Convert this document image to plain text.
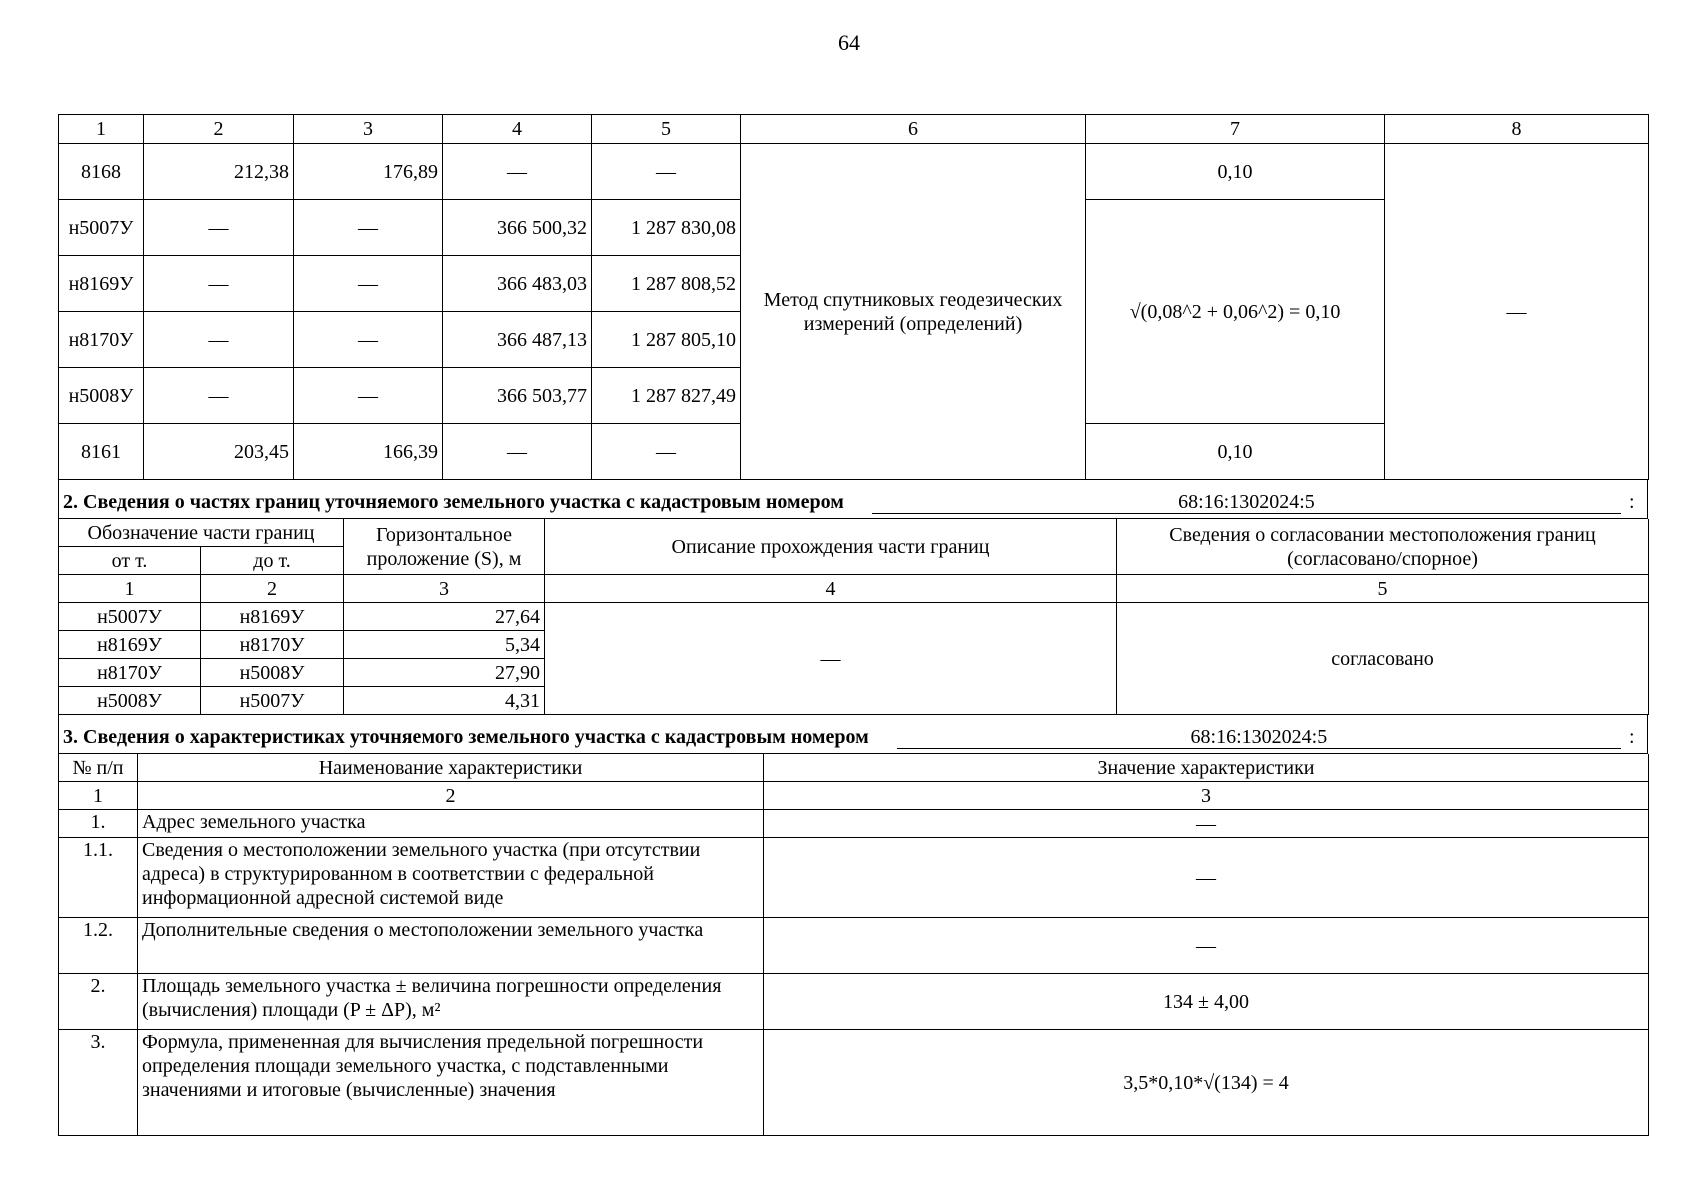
64
1	2	3	4	5	6	7	8
8168	212,38	176,89	—	—	Метод спутниковых геодезических измерений (определений)	0,10	—
н5007У	—	—	366 500,32	1 287 830,08		√(0,08^2 + 0,06^2) = 0,10	
н8169У	—	—	366 483,03	1 287 808,52			
н8170У	—	—	366 487,13	1 287 805,10			
н5008У	—	—	366 503,77	1 287 827,49			
8161	203,45	166,39	—	—		0,10	
2. Сведения о частях границ уточняемого земельного участка с кадастровым номером	68:16:1302024:5	:
Обозначение части границ		Горизонтальное проложение (S), м	Описание прохождения части границ	Сведения о согласовании местоположения границ (согласовано/спорное)
от т.	до т.			
1	2	3	4	5
н5007У	н8169У	27,64	—	согласовано
н8169У	н8170У	5,34		
н8170У	н5008У	27,90		
н5008У	н5007У	4,31		
3. Сведения о характеристиках уточняемого земельного участка с кадастровым номером	68:16:1302024:5	:
№ п/п	Наименование характеристики	Значение характеристики
1	2	3
1.	Адрес земельного участка	—
1.1.	Сведения о местоположении земельного участка (при отсутствии адреса) в структурированном в соответствии с федеральной информационной адресной системой виде	—
1.2.	Дополнительные сведения о местоположении земельного участка	—
2.	Площадь земельного участка ± величина погрешности определения (вычисления) площади (P ± ΔP), м²	134 ± 4,00
3.	Формула, примененная для вычисления предельной погрешности определения площади земельного участка, с подставленными значениями и итоговые (вычисленные) значения	3,5*0,10*√(134) = 4
